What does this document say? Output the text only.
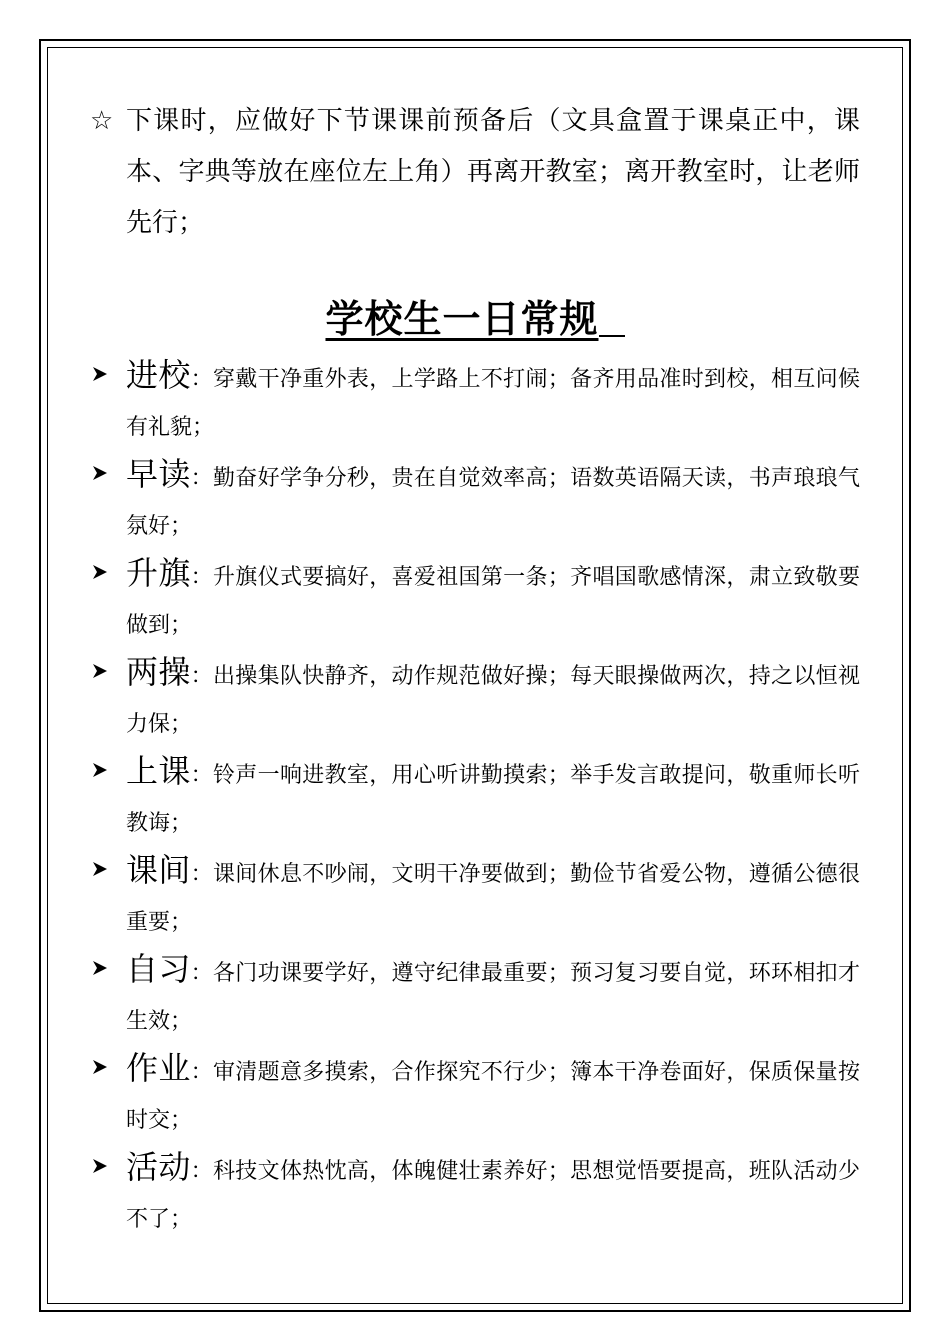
☆ 下课时，应做好下节课课前预备后（文具盒置于课桌正中，课本、字典等放在座位左上角）再离开教室；离开教室时，让老师先行；
学校生一日常规
进校：穿戴干净重外表，上学路上不打闹；备齐用品准时到校，相互问候有礼貌；
早读：勤奋好学争分秒，贵在自觉效率高；语数英语隔天读，书声琅琅气氛好；
升旗：升旗仪式要搞好，喜爱祖国第一条；齐唱国歌感情深，肃立致敬要做到；
两操：出操集队快静齐，动作规范做好操；每天眼操做两次，持之以恒视力保；
上课：铃声一响进教室，用心听讲勤摸索；举手发言敢提问，敬重师长听教诲；
课间：课间休息不吵闹，文明干净要做到；勤俭节省爱公物，遵循公德很重要；
自习：各门功课要学好，遵守纪律最重要；预习复习要自觉，环环相扣才生效；
作业：审清题意多摸索，合作探究不行少；簿本干净卷面好，保质保量按时交；
活动：科技文体热忱高，体魄健壮素养好；思想觉悟要提高，班队活动少不了；
